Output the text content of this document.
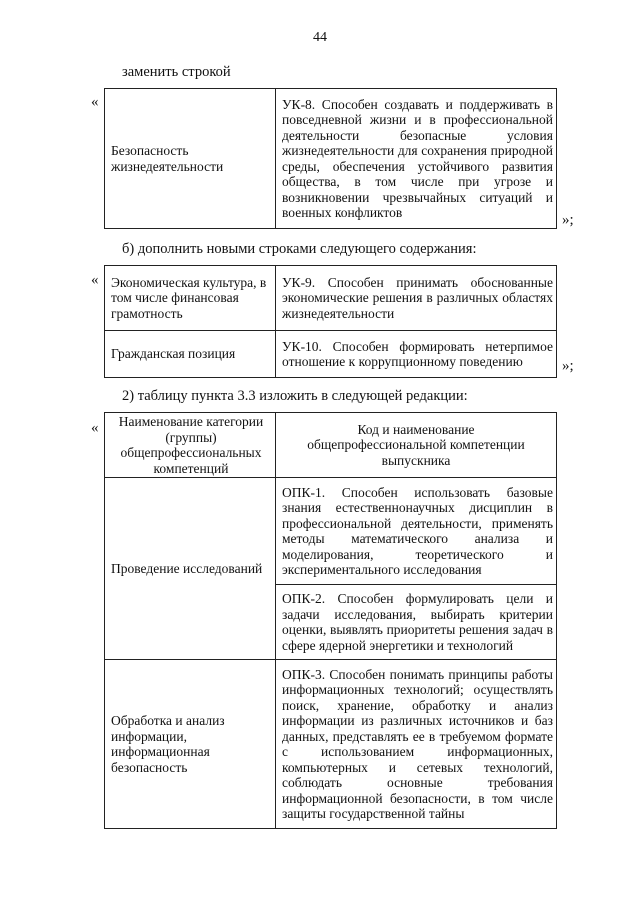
44
заменить строкой
«
Безопасность жизнедеятельности	УК-8. Способен создавать и поддерживать в повседневной жизни и в профессиональной деятельности безопасные условия жизнедеятельности для сохранения природной среды, обеспечения устойчивого развития общества, в том числе при угрозе и возникновении чрезвычайных ситуаций и военных конфликтов	»;
б) дополнить новыми строками следующего содержания:
« Экономическая культура, в том числе финансовая грамотность	УК-9. Способен принимать обоснованные экономические решения в различных областях жизнедеятельности
Гражданская позиция	УК-10. Способен формировать нетерпимое отношение к коррупционному поведению	»;
2) таблицу пункта 3.3 изложить в следующей редакции:
« Наименование категории (группы) общепрофессиональных компетенций	Код и наименование общепрофессиональной компетенции выпускника
Проведение исследований	ОПК-1. Способен использовать базовые знания естественнонаучных дисциплин в профессиональной деятельности, применять методы математического анализа и моделирования, теоретического и экспериментального исследования
	ОПК-2. Способен формулировать цели и задачи исследования, выбирать критерии оценки, выявлять приоритеты решения задач в сфере ядерной энергетики и технологий
Обработка и анализ информации, информационная безопасность	ОПК-3. Способен понимать принципы работы информационных технологий; осуществлять поиск, хранение, обработку и анализ информации из различных источников и баз данных, представлять ее в требуемом формате с использованием информационных, компьютерных и сетевых технологий, соблюдать основные требования информационной безопасности, в том числе защиты государственной тайны
